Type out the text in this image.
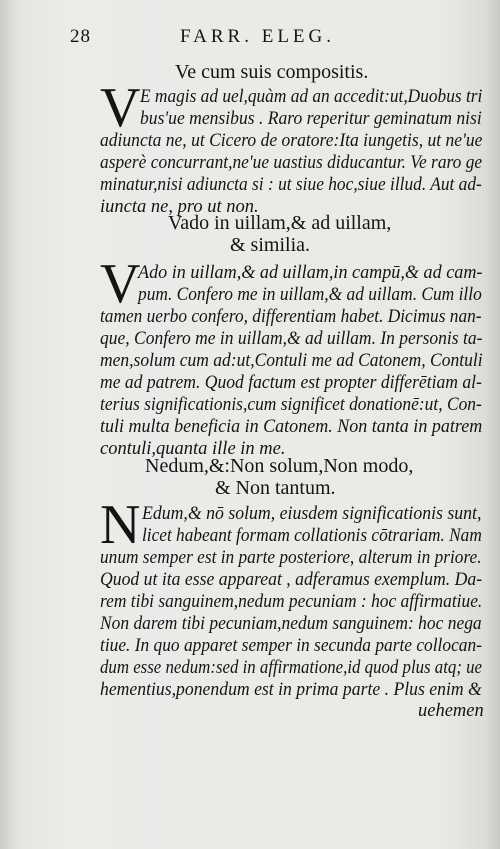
28	FARR. ELEG.
Ve cum suis compositis.
V E magis ad uel,quàm ad an accedit:ut,Duobus tri
bus'ue mensibus . Raro reperitur geminatum nisi
adiuncta ne, ut Cicero de oratore:Ita iungetis, ut ne'ue
asperè concurrant,ne'ue uastius diducantur. Ve raro ge
minatur,nisi adiuncta si : ut siue hoc,siue illud. Aut ad-
iuncta ne, pro ut non.
Vado in uillam,& ad uillam,
& similia.
V
Ado in uillam,& ad uillam,in campū,& ad cam-
pum. Confero me in uillam,& ad uillam. Cum illo
tamen uerbo confero, differentiam habet. Dicimus nan-
que, Confero me in uillam,& ad uillam. In personis ta-
men,solum cum ad:ut,Contuli me ad Catonem, Contuli
me ad patrem. Quod factum est propter differētiam al-
terius significationis,cum significet donationē:ut, Con-
tuli multa beneficia in Catonem. Non tanta in patrem
contuli,quanta ille in me.
Nedum,&:Non solum,Non modo,
& Non tantum.
N Edum,& nō solum, eiusdem significationis sunt,
licet habeant formam collationis cōtrariam. Nam
unum semper est in parte posteriore, alterum in priore.
Quod ut ita esse appareat , adferamus exemplum. Da-
rem tibi sanguinem,nedum pecuniam : hoc affirmatiue.
Non darem tibi pecuniam,nedum sanguinem: hoc nega
tiue. In quo apparet semper in secunda parte collocan-
dum esse nedum:sed in affirmatione,id quod plus atq; ue
hementius,ponendum est in prima parte . Plus enim &
uehemen
